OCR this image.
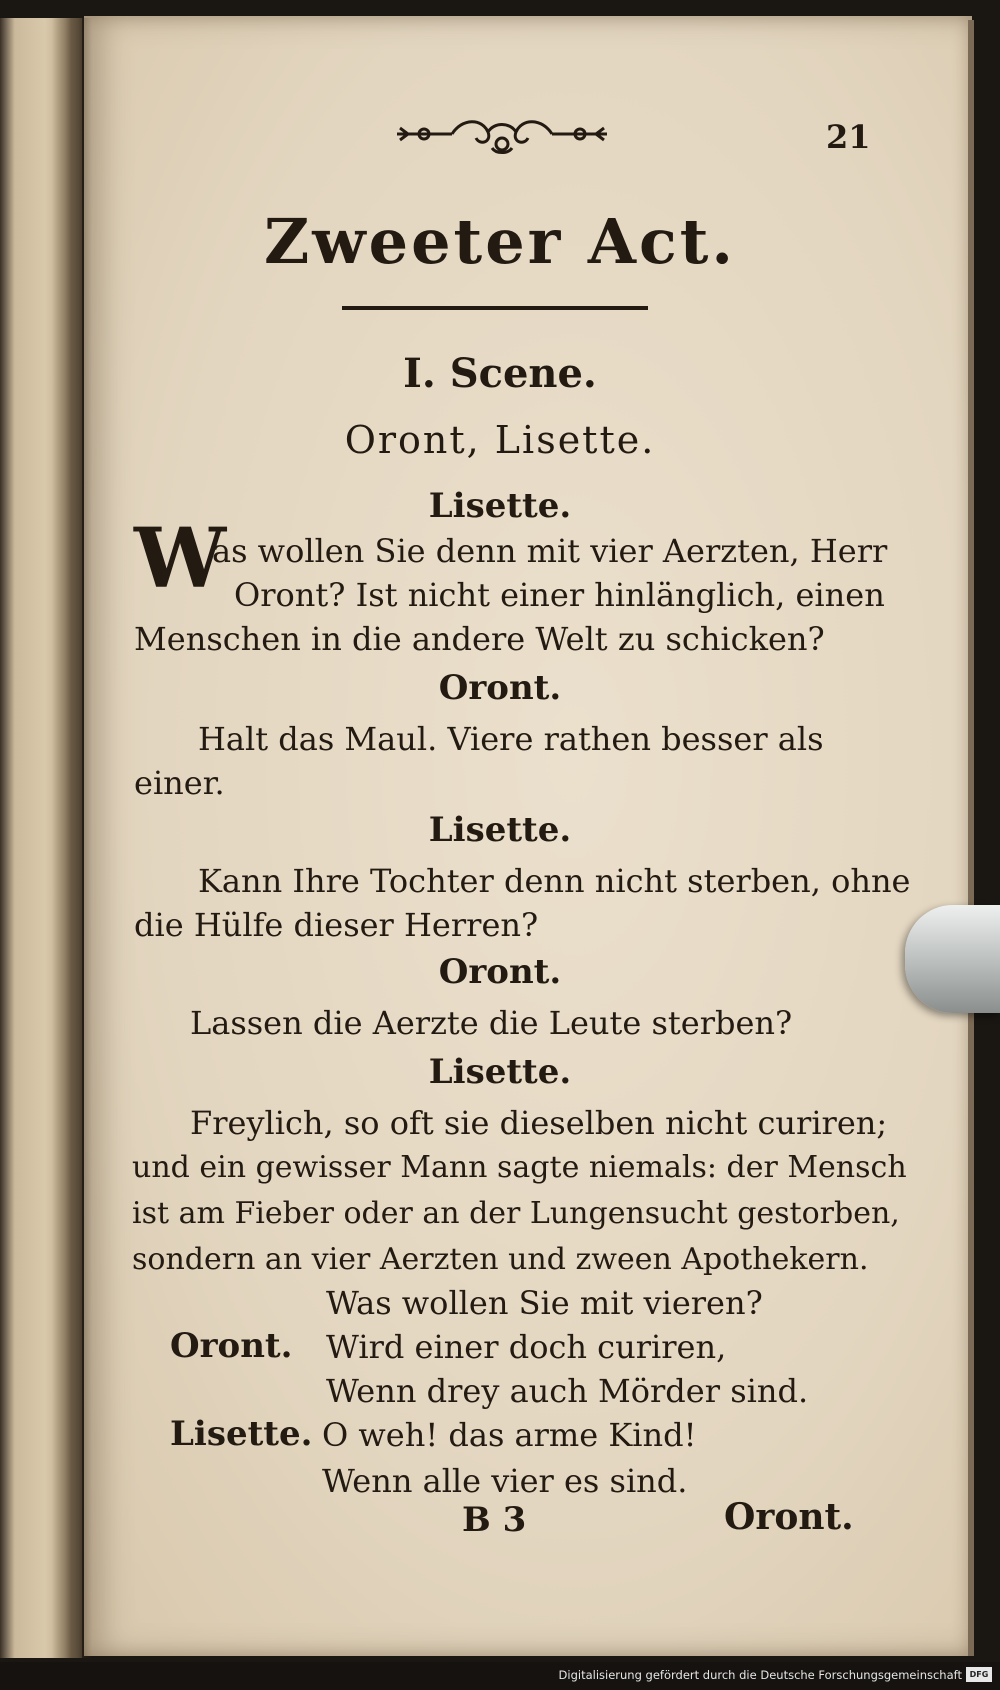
21
Zweeter Act.
I. Scene.
Oront, Lisette.
Lisette.
W
as wollen Sie denn mit vier Aerzten, Herr
Oront? Ist nicht einer hinlänglich, einen
Menschen in die andere Welt zu schicken?
Oront.
Halt das Maul. Viere rathen besser als
einer.
Lisette.
Kann Ihre Tochter denn nicht sterben, ohne
die Hülfe dieser Herren?
Oront.
Lassen die Aerzte die Leute sterben?
Lisette.
Freylich, so oft sie dieselben nicht curiren;
und ein gewisser Mann sagte niemals: der Mensch
ist am Fieber oder an der Lungensucht gestorben,
sondern an vier Aerzten und zween Apothekern.
Was wollen Sie mit vieren?
Oront. Wird einer doch curiren,
Wenn drey auch Mörder sind.
Lisette. O weh! das arme Kind!
Wenn alle vier es sind.
B 3	Oront.
Digitalisierung gefördert durch die Deutsche Forschungsgemeinschaft DFG
